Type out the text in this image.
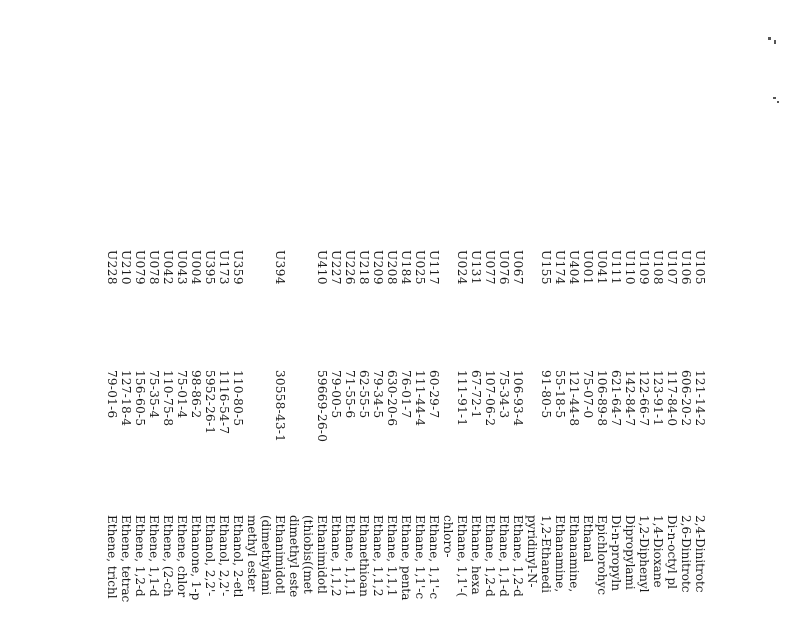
U105
121-14-2
2,4-Dinitrotc
U106
606-20-2
2,6-Dinitrotc
U107
117-84-0
Di-n-octyl pl
U108
123-91-1
1,4-Dioxane
U109
122-66-7
1,2-Diphenyl
U110
142-84-7
Dipropylami
U111
621-64-7
Di-n-propyln
U041
106-89-8
Epichlorohyc
U001
75-07-0
Ethanal
U404
121-44-8
Ethanamine,
U174
55-18-5
Ethanamine,
U155
91-80-5
1,2-Ethanedi
pyridinyl-N-
U067
106-93-4
Ethane, 1,2-d
U076
75-34-3
Ethane, 1,1-d
U077
107-06-2
Ethane, 1,2-d
U131
67-72-1
Ethane, hexa
U024
111-91-1
Ethane, 1,1'-(
chloro-
U117
60-29-7
Ethane, 1,1'-c
U025
111-44-4
Ethane, 1,1'-c
U184
76-01-7
Ethane, penta
U208
630-20-6
Ethane, 1,1,1
U209
79-34-5
Ethane, 1,1,2
U218
62-55-5
Ethanethioan
U226
71-55-6
Ethane, 1,1,1
U227
79-00-5
Ethane, 1,1,2
U410
59669-26-0
Ethanimidotl
(thiobis((met
dimethyl este
U394
30558-43-1
Ethanimidotl
(dimethylami
methyl ester
U359
110-80-5
Ethanol, 2-etl
U173
1116-54-7
Ethanol, 2,2'-
U395
5952-26-1
Ethanol, 2,2'-
U004
98-86-2
Ethanone, 1-p
U043
75-01-4
Ethene, chlor
U042
110-75-8
Ethene, (2-ch
U078
75-35-4
Ethene, 1,1-d
U079
156-60-5
Ethene, 1,2-d
U210
127-18-4
Ethene, tetrac
U228
79-01-6
Ethene, trichl
